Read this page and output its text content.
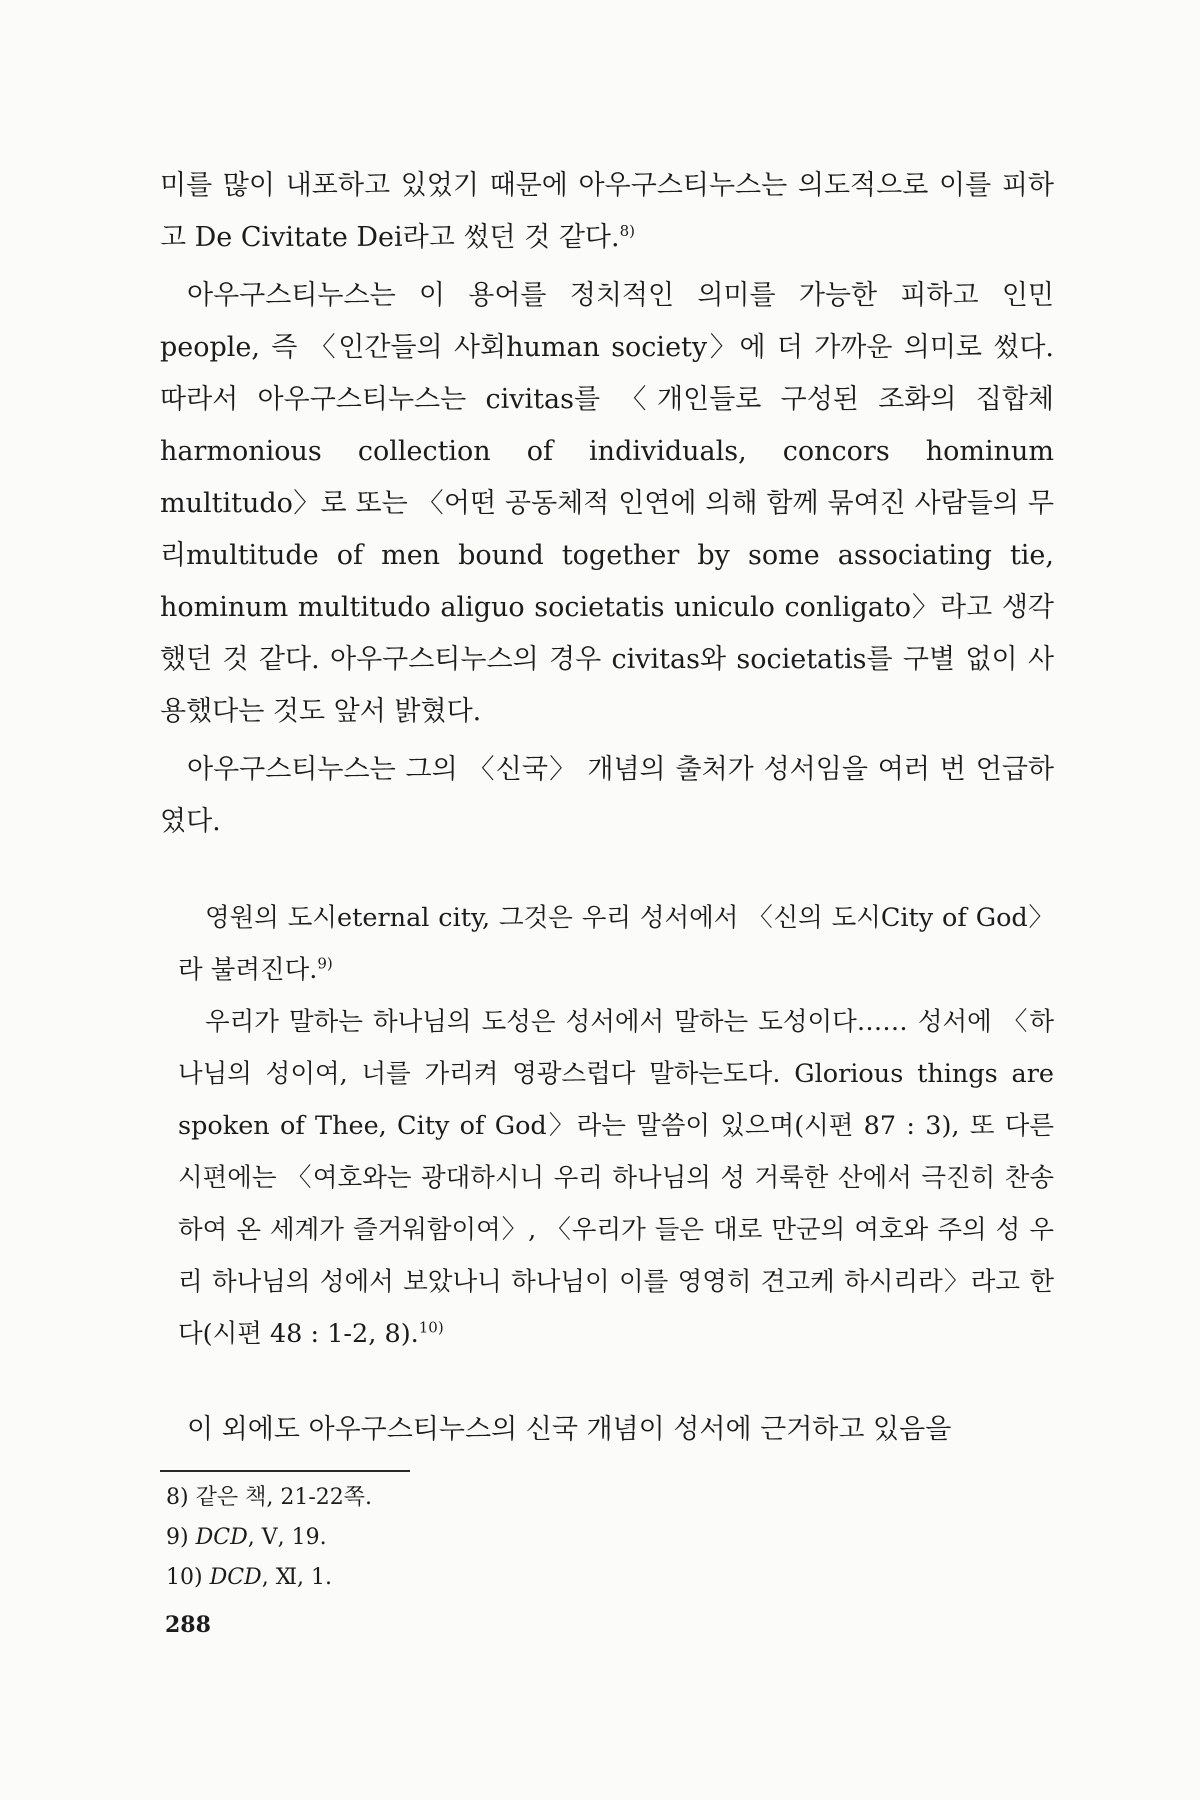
미를 많이 내포하고 있었기 때문에 아우구스티누스는 의도적으로 이를 피하고 De Civitate Dei라고 썼던 것 같다.$^{8)}$

아우구스티누스는 이 용어를 정치적인 의미를 가능한 피하고 인민 people, 즉 〈인간들의 사회human society〉에 더 가까운 의미로 썼다. 따라서 아우구스티누스는 civitas를 〈개인들로 구성된 조화의 집합체harmonious collection of individuals, concors hominum multitudo〉로 또는 〈어떤 공동체적 인연에 의해 함께 묶여진 사람들의 무리multitude of men bound together by some associating tie, hominum multitudo aliguo societatis uniculo conligato〉라고 생각했던 것 같다. 아우구스티누스의 경우 civitas와 societatis를 구별 없이 사용했다는 것도 앞서 밝혔다.

아우구스티누스는 그의 〈신국〉 개념의 출처가 성서임을 여러 번 언급하였다.

영원의 도시eternal city, 그것은 우리 성서에서 〈신의 도시City of God〉라 불려진다.$^{9)}$

우리가 말하는 하나님의 도성은 성서에서 말하는 도성이다…… 성서에 〈하나님의 성이여, 너를 가리켜 영광스럽다 말하는도다. Glorious things are spoken of Thee, City of God〉라는 말씀이 있으며(시편 87 : 3), 또 다른 시편에는 〈여호와는 광대하시니 우리 하나님의 성 거룩한 산에서 극진히 찬송하여 온 세계가 즐거워함이여〉, 〈우리가 들은 대로 만군의 여호와 주의 성 우리 하나님의 성에서 보았나니 하나님이 이를 영영히 견고케 하시리라〉라고 한다(시편 48 : 1-2, 8).$^{10)}$

이 외에도 아우구스티누스의 신국 개념이 성서에 근거하고 있음을

8) 같은 책, 21-22쪽.

9) DCD, Ⅴ, 19.

10) DCD, Ⅺ, 1.

288
